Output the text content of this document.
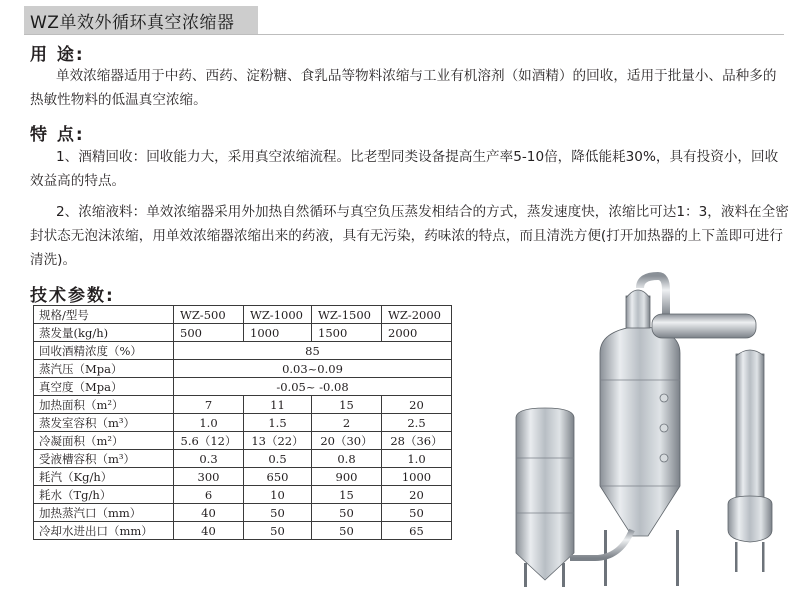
WZ单效外循环真空浓缩器
用 途:
单效浓缩器适用于中药、西药、淀粉糖、食乳品等物料浓缩与工业有机溶剂（如酒精）的回收，适用于批量小、品种多的热敏性物料的低温真空浓缩。
特 点:
1、酒精回收：回收能力大，采用真空浓缩流程。比老型同类设备提高生产率5-10倍，降低能耗30%，具有投资小，回收效益高的特点。
2、浓缩液料：单效浓缩器采用外加热自然循环与真空负压蒸发相结合的方式，蒸发速度快，浓缩比可达1：3，液料在全密封状态无泡沫浓缩，用单效浓缩器浓缩出来的药液，具有无污染，药味浓的特点，而且清洗方便(打开加热器的上下盖即可进行清洗)。
技术参数:
规格/型号	WZ-500	WZ-1000	WZ-1500	WZ-2000
蒸发量(kg/h)	500	1000	1500	2000
回收酒精浓度（%）	85			
蒸汽压（Mpa）	0.03~0.09			
真空度（Mpa）	-0.05~ -0.08			
加热面积（m²）	7	11	15	20
蒸发室容积（m³）	1.0	1.5	2	2.5
冷凝面积（m²）	5.6（12）	13（22）	20（30）	28（36）
受液槽容积（m³）	0.3	0.5	0.8	1.0
耗汽（Kg/h）	300	650	900	1000
耗水（Tg/h）	6	10	15	20
加热蒸汽口（mm）	40	50	50	50
冷却水进出口（mm）	40	50	50	65
